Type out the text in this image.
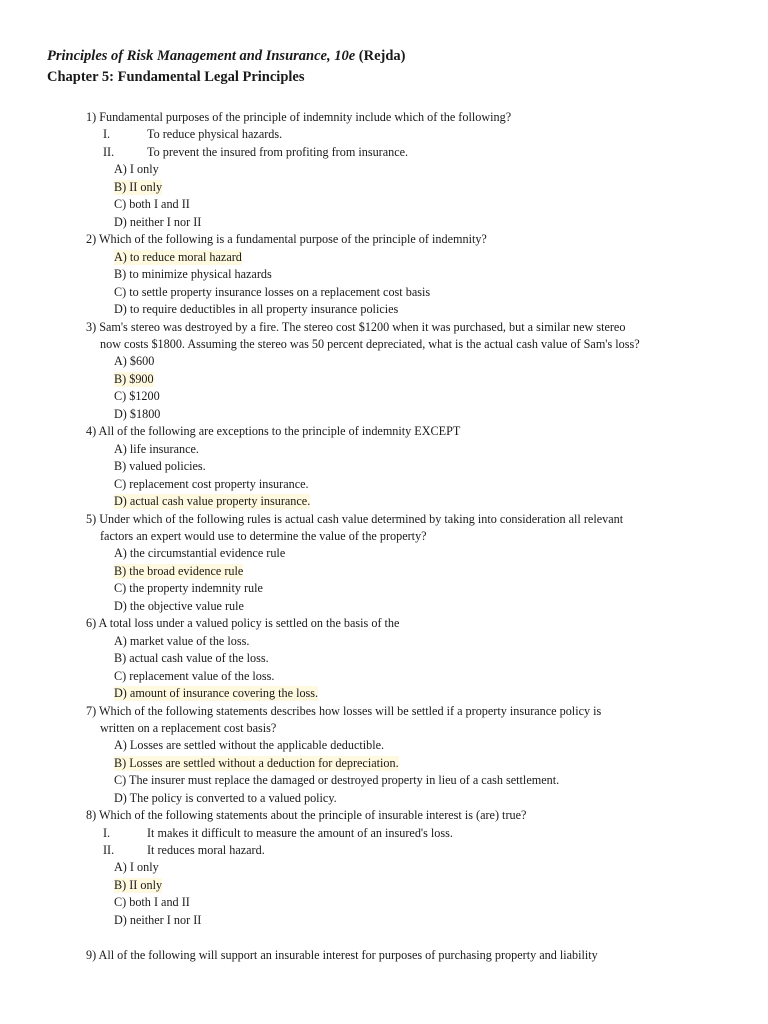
Principles of Risk Management and Insurance, 10e (Rejda)
Chapter 5: Fundamental Legal Principles
1) Fundamental purposes of the principle of indemnity include which of the following?
I.	To reduce physical hazards.
II.	To prevent the insured from profiting from insurance.
A) I only
B) II only
C) both I and II
D) neither I nor II
2) Which of the following is a fundamental purpose of the principle of indemnity?
A) to reduce moral hazard
B) to minimize physical hazards
C) to settle property insurance losses on a replacement cost basis
D) to require deductibles in all property insurance policies
3) Sam's stereo was destroyed by a fire. The stereo cost $1200 when it was purchased, but a similar new stereo
now costs $1800. Assuming the stereo was 50 percent depreciated, what is the actual cash value of Sam's loss?
A) $600
B) $900
C) $1200
D) $1800
4) All of the following are exceptions to the principle of indemnity EXCEPT
A) life insurance.
B) valued policies.
C) replacement cost property insurance.
D) actual cash value property insurance.
5) Under which of the following rules is actual cash value determined by taking into consideration all relevant
factors an expert would use to determine the value of the property?
A) the circumstantial evidence rule
B) the broad evidence rule
C) the property indemnity rule
D) the objective value rule
6) A total loss under a valued policy is settled on the basis of the
A) market value of the loss.
B) actual cash value of the loss.
C) replacement value of the loss.
D) amount of insurance covering the loss.
7) Which of the following statements describes how losses will be settled if a property insurance policy is
written on a replacement cost basis?
A) Losses are settled without the applicable deductible.
B) Losses are settled without a deduction for depreciation.
C) The insurer must replace the damaged or destroyed property in lieu of a cash settlement.
D) The policy is converted to a valued policy.
8) Which of the following statements about the principle of insurable interest is (are) true?
I.	It makes it difficult to measure the amount of an insured's loss.
II.	It reduces moral hazard.
A) I only
B) II only
C) both I and II
D) neither I nor II
9) All of the following will support an insurable interest for purposes of purchasing property and liability
